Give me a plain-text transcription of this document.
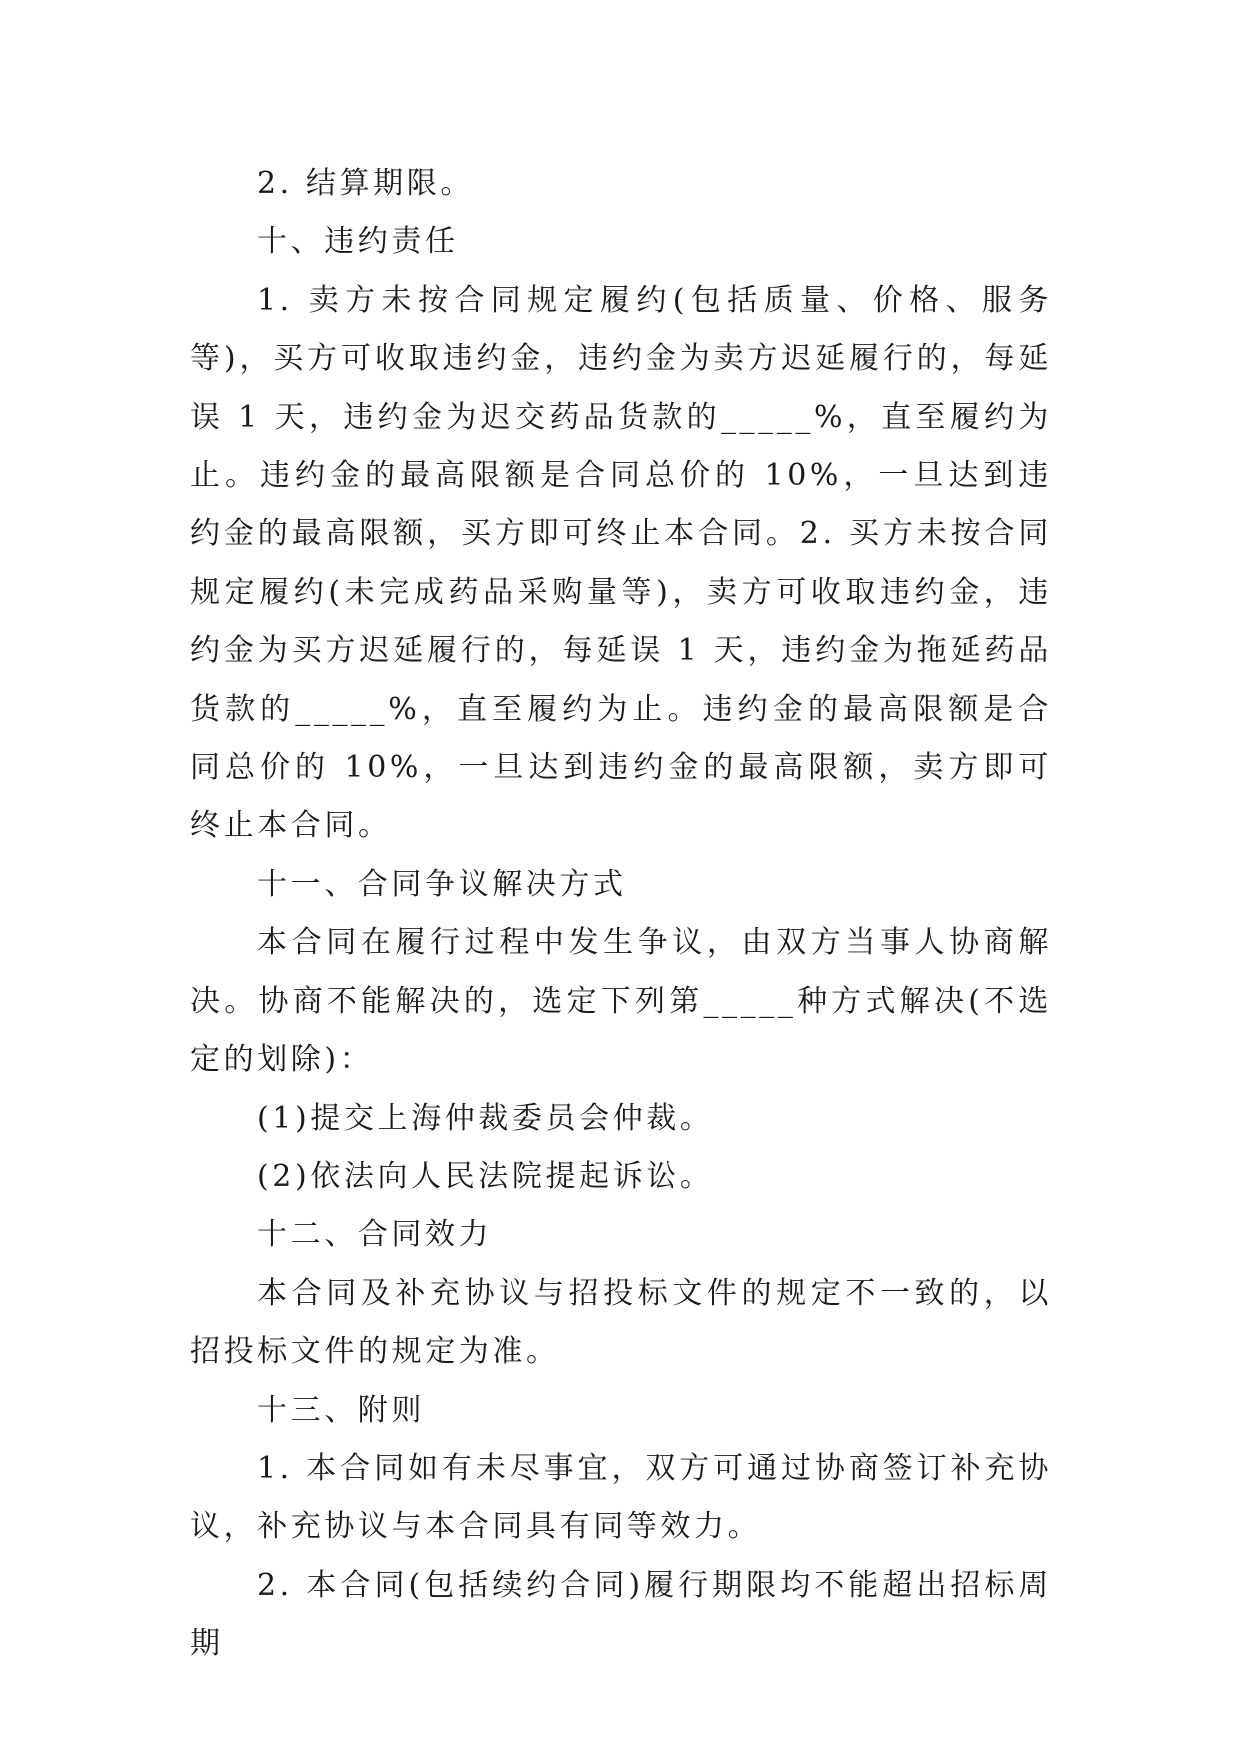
2. 结算期限。

十、违约责任

1. 卖方未按合同规定履约(包括质量、价格、服务等)，买方可收取违约金，违约金为卖方迟延履行的，每延误 1 天，违约金为迟交药品货款的_____%，直至履约为止。违约金的最高限额是合同总价的 10%，一旦达到违约金的最高限额，买方即可终止本合同。2. 买方未按合同规定履约(未完成药品采购量等)，卖方可收取违约金，违约金为买方迟延履行的，每延误 1 天，违约金为拖延药品货款的_____%，直至履约为止。违约金的最高限额是合同总价的 10%，一旦达到违约金的最高限额，卖方即可终止本合同。

十一、合同争议解决方式

本合同在履行过程中发生争议，由双方当事人协商解决。协商不能解决的，选定下列第_____种方式解决(不选定的划除)：

(1)提交上海仲裁委员会仲裁。

(2)依法向人民法院提起诉讼。

十二、合同效力

本合同及补充协议与招投标文件的规定不一致的，以招投标文件的规定为准。

十三、附则

1. 本合同如有未尽事宜，双方可通过协商签订补充协议，补充协议与本合同具有同等效力。

2. 本合同(包括续约合同)履行期限均不能超出招标周期
